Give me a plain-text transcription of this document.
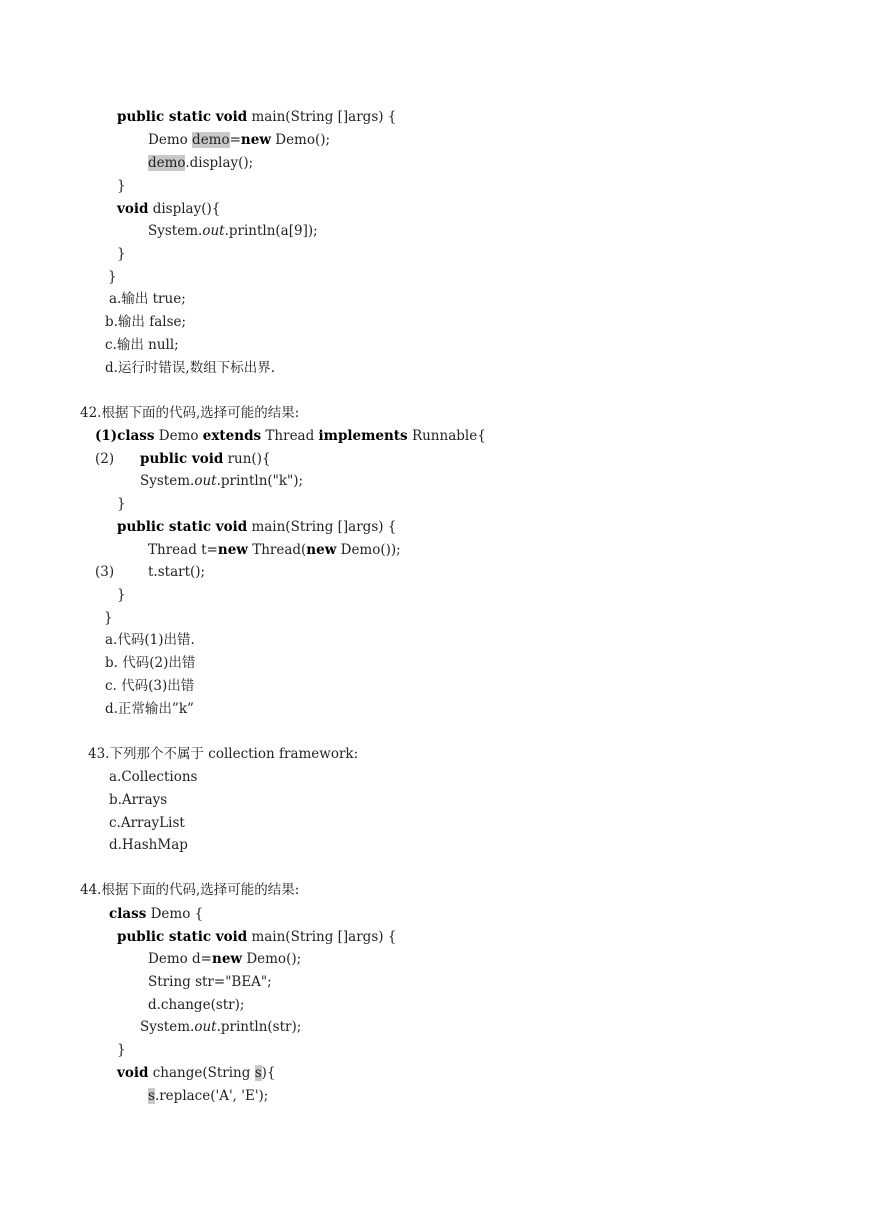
public static void main(String []args) {

Demo demo=new Demo();

demo.display();

}

void display(){

System.out.println(a[9]);

}

}

a.输出 true;

b.输出 false;

c.输出 null;

d.运行时错误,数组下标出界.

42.根据下面的代码,选择可能的结果:

(1)class Demo extends Thread implements Runnable{

(2) public void run(){

System.out.println("k");

}

public static void main(String []args) {

Thread t=new Thread(new Demo());

(3)	t.start();

}

}

a.代码(1)出错.

b. 代码(2)出错

c. 代码(3)出错

d.正常输出”k”

43.下列那个不属于 collection framework:

a.Collections

b.Arrays

c.ArrayList

d.HashMap

44.根据下面的代码,选择可能的结果:

class Demo {

public static void main(String []args) {

Demo d=new Demo();

String str="BEA";

d.change(str);

System.out.println(str);

}

void change(String s){

s.replace('A', 'E');
